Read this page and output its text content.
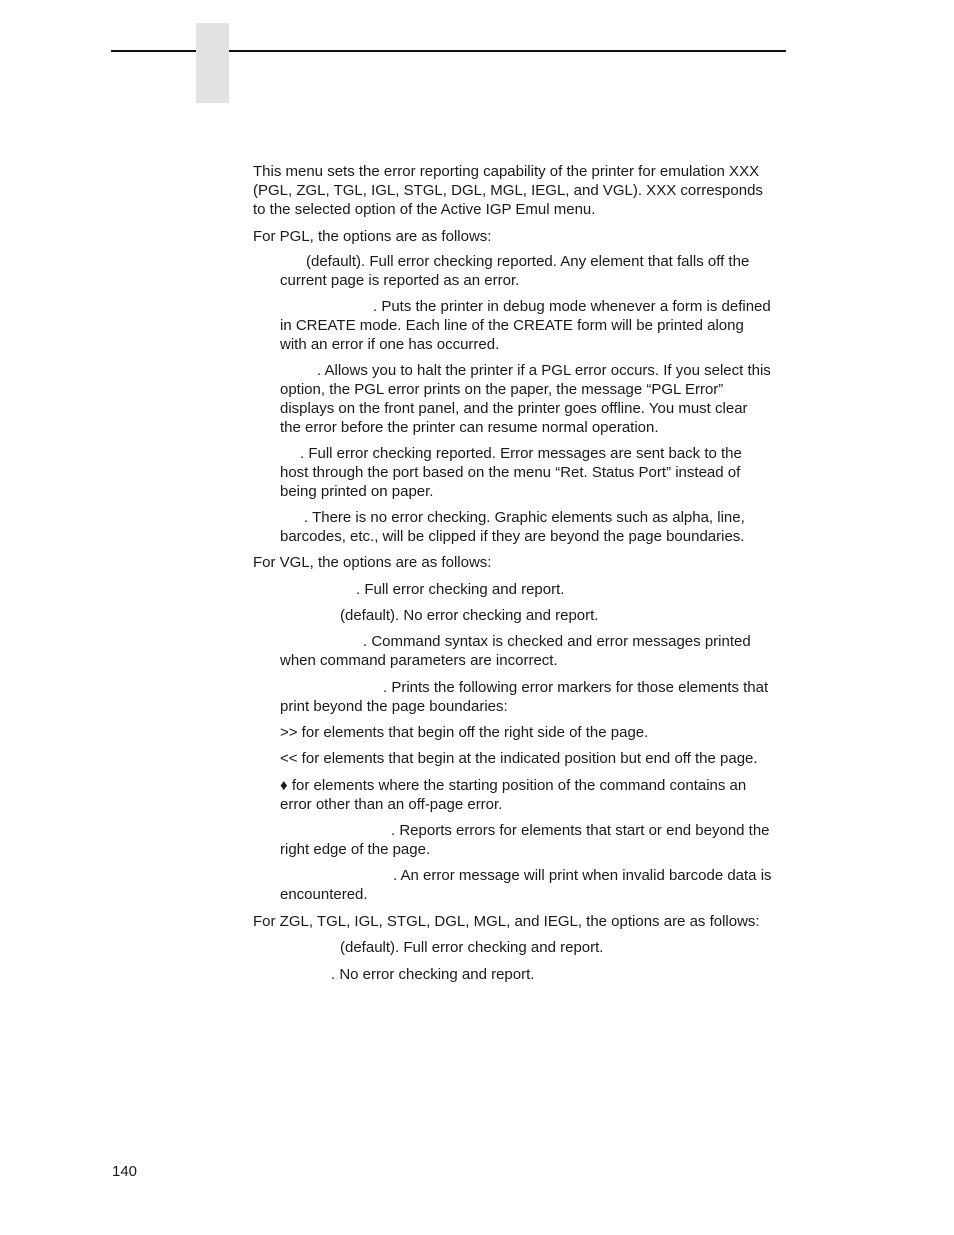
This menu sets the error reporting capability of the printer for emulation XXX
(PGL, ZGL, TGL, IGL, STGL, DGL, MGL, IEGL, and VGL). XXX corresponds
to the selected option of the Active IGP Emul menu.

For PGL, the options are as follows:

(default). Full error checking reported. Any element that falls off the
current page is reported as an error.

. Puts the printer in debug mode whenever a form is defined
in CREATE mode. Each line of the CREATE form will be printed along
with an error if one has occurred.

. Allows you to halt the printer if a PGL error occurs. If you select this
option, the PGL error prints on the paper, the message “PGL Error”
displays on the front panel, and the printer goes offline. You must clear
the error before the printer can resume normal operation.

. Full error checking reported. Error messages are sent back to the
host through the port based on the menu “Ret. Status Port” instead of
being printed on paper.

. There is no error checking. Graphic elements such as alpha, line,
barcodes, etc., will be clipped if they are beyond the page boundaries.

For VGL, the options are as follows:

. Full error checking and report.

(default). No error checking and report.

. Command syntax is checked and error messages printed
when command parameters are incorrect.

. Prints the following error markers for those elements that
print beyond the page boundaries:

>> for elements that begin off the right side of the page.

<< for elements that begin at the indicated position but end off the page.

♦ for elements where the starting position of the command contains an
error other than an off-page error.

. Reports errors for elements that start or end beyond the
right edge of the page.

. An error message will print when invalid barcode data is
encountered.

For ZGL, TGL, IGL, STGL, DGL, MGL, and IEGL, the options are as follows:

(default). Full error checking and report.

. No error checking and report.

140
